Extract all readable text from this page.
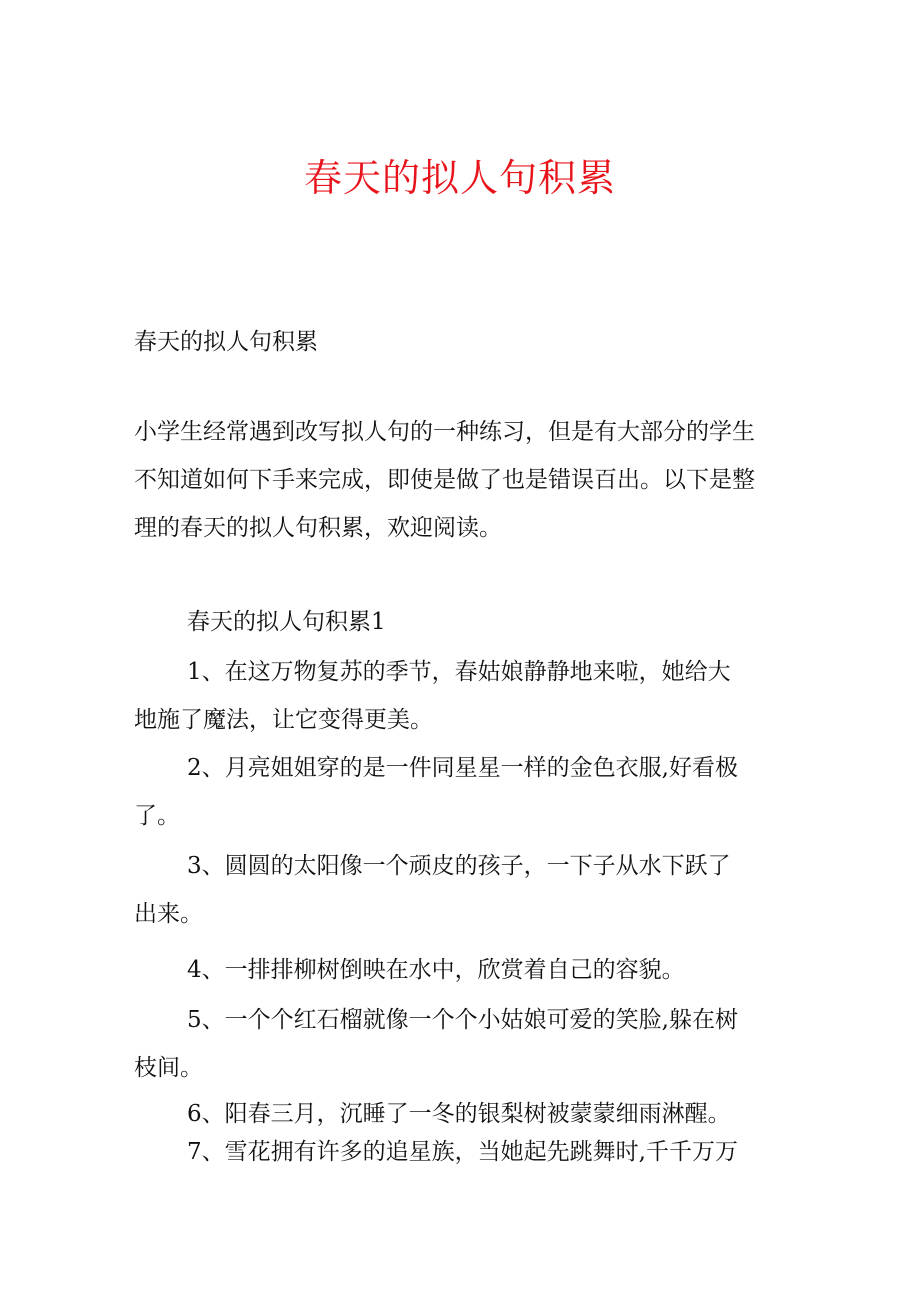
春天的拟人句积累
春天的拟人句积累
小学生经常遇到改写拟人句的一种练习，但是有大部分的学生
不知道如何下手来完成，即使是做了也是错误百出。以下是整
理的春天的拟人句积累，欢迎阅读。
春天的拟人句积累1
1、在这万物复苏的季节，春姑娘静静地来啦，她给大
地施了魔法，让它变得更美。
2、月亮姐姐穿的是一件同星星一样的金色衣服,好看极
了。
3、圆圆的太阳像一个顽皮的孩子，一下子从水下跃了
出来。
4、一排排柳树倒映在水中，欣赏着自己的容貌。
5、一个个红石榴就像一个个小姑娘可爱的笑脸,躲在树
枝间。
6、阳春三月，沉睡了一冬的银梨树被蒙蒙细雨淋醒。
7、雪花拥有许多的追星族，当她起先跳舞时,千千万万
